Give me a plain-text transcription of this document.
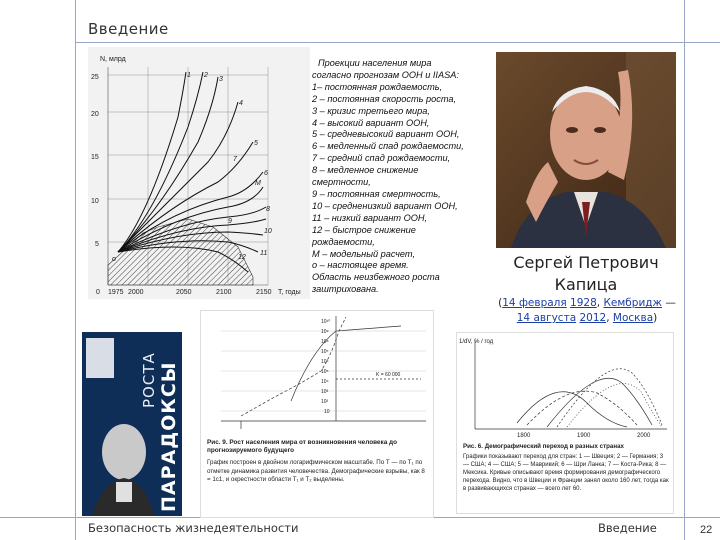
Введение
25
20
15
10
5
N, млрд
0 1975 2000	2050	2100	2150 Т, годы
1 2
3
4
5
7
6
М
8
9
10
11
12
о
Проекции населения мира
согласно прогнозам ООН и IIASA:
1– постоянная рождаемость,
2 – постоянная скорость роста,
3 – кризис третьего мира,
4 – высокий вариант ООН,
5 – средневысокий вариант ООН,
6 – медленный спад рождаемости,
7 – средний спад рождаемости,
8 – медленное снижение
смертности,
9 – постоянная смертность,
10 – средненизкий вариант ООН,
11 – низкий вариант ООН,
12 – быстрое снижение
рождаемости,
М – модельный расчет,
о – настоящее время.
Область неизбежного роста
заштрихована.
Сергей Петрович
Капица
(14 февраля 1928, Кембридж —
14 августа 2012, Москва)
РОСТА ПАРАДОКСЫ
10¹⁰
10⁹
10⁸
10⁷
10⁶
10⁵
10⁴
10³
10²
10
K = 60 000
Рис. 9. Рост населения мира от возникновения человека до прогнозируемого будущего
График построен в двойном логарифмическом масштабе. По Т — по Т₁ по отметке динамика развития человечества. Демографические взрывы, как 8 = 1с1, и окрестности области Т₁ и Т₂ выделены.
1/dV, % / год
1800	1900	2000
Рис. 6. Демографический переход в разных странах
Графики показывают переход для стран: 1 — Швеция; 2 — Германия; 3 — США; 4 — США; 5 — Маврикий; 6 — Шри Ланка; 7 — Коста-Рика; 8 — Мексика. Кривые описывают время формирования демографического перехода. Видно, что в Швеции и Франции занял около 160 лет, тогда как в развивающихся странах — всего лет 60.
Безопасность жизнедеятельности	Введение	22
